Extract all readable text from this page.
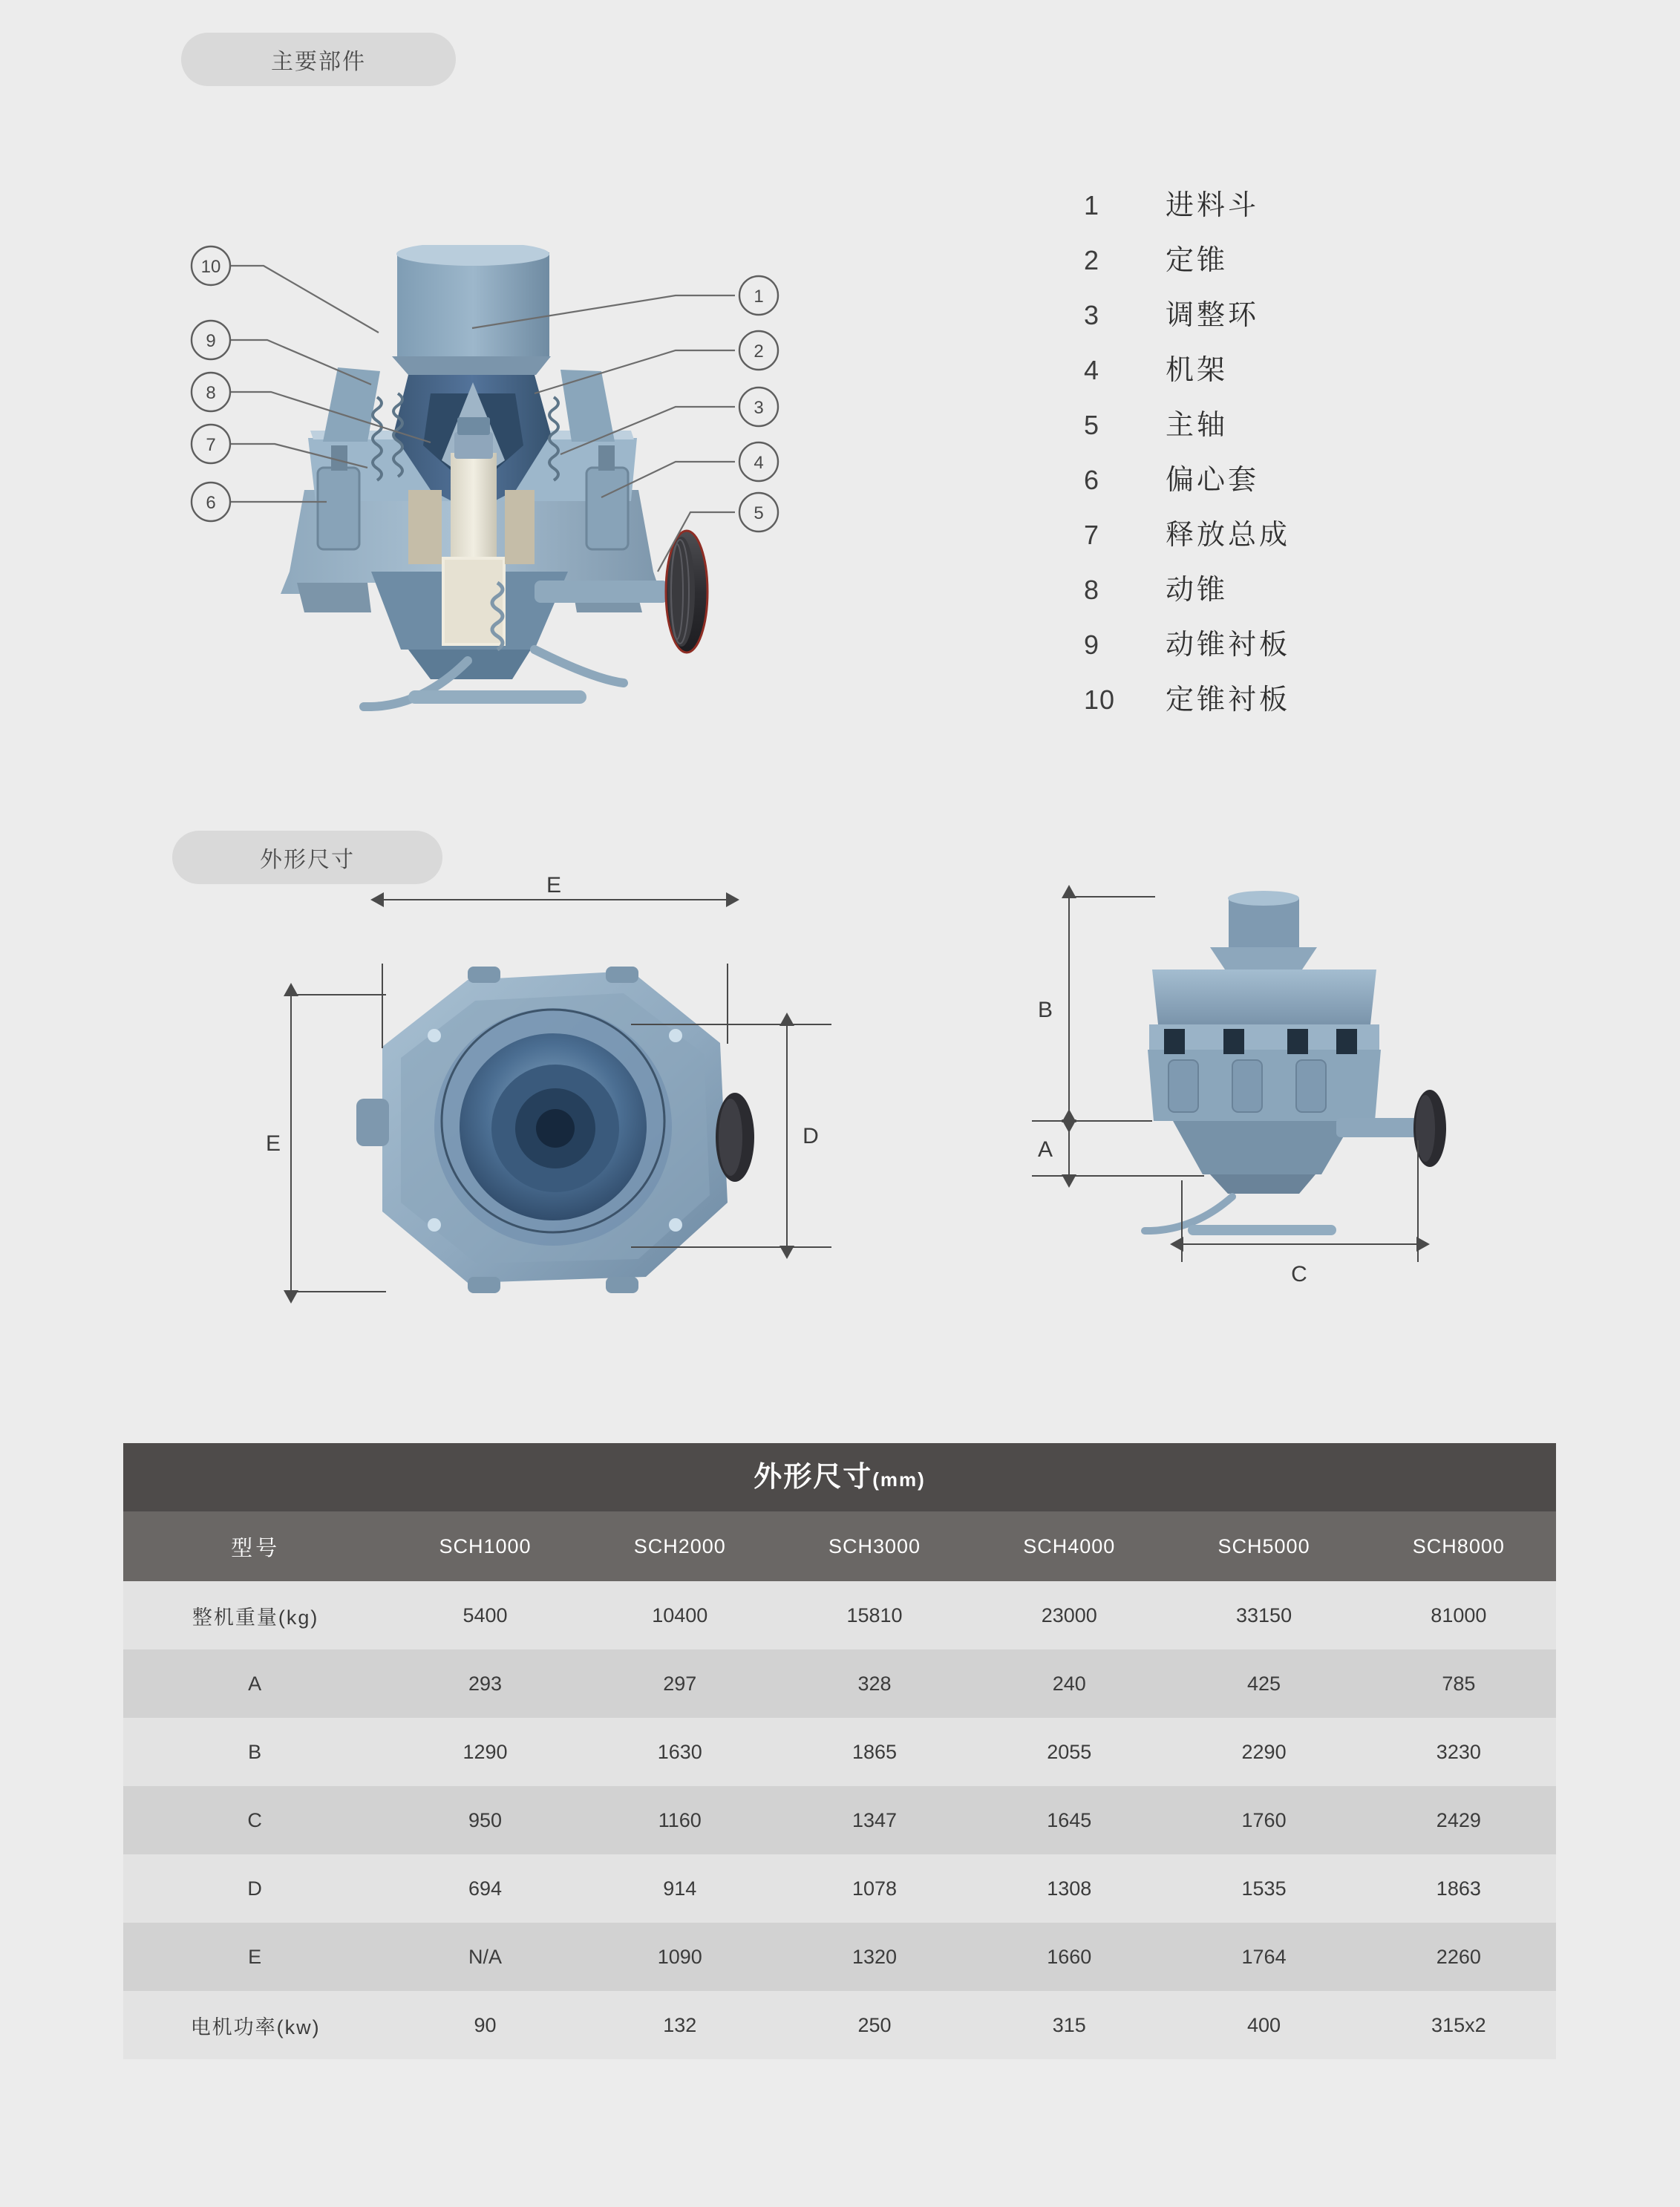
主要部件
10
9
8
7
6
1
2
3
4
5
1	进料斗
2	定锥
3	调整环
4	机架
5	主轴
6	偏心套
7	释放总成
8	动锥
9	动锥衬板
10	定锥衬板
外形尺寸
E
E	D
B
A
C
外形尺寸(mm)
型号	SCH1000	SCH2000	SCH3000	SCH4000	SCH5000	SCH8000
整机重量(kg)	5400	10400	15810	23000	33150	81000
A	293	297	328	240	425	785
B	1290	1630	1865	2055	2290	3230
C	950	1160	1347	1645	1760	2429
D	694	914	1078	1308	1535	1863
E	N/A	1090	1320	1660	1764	2260
电机功率(kw)	90	132	250	315	400	315x2
